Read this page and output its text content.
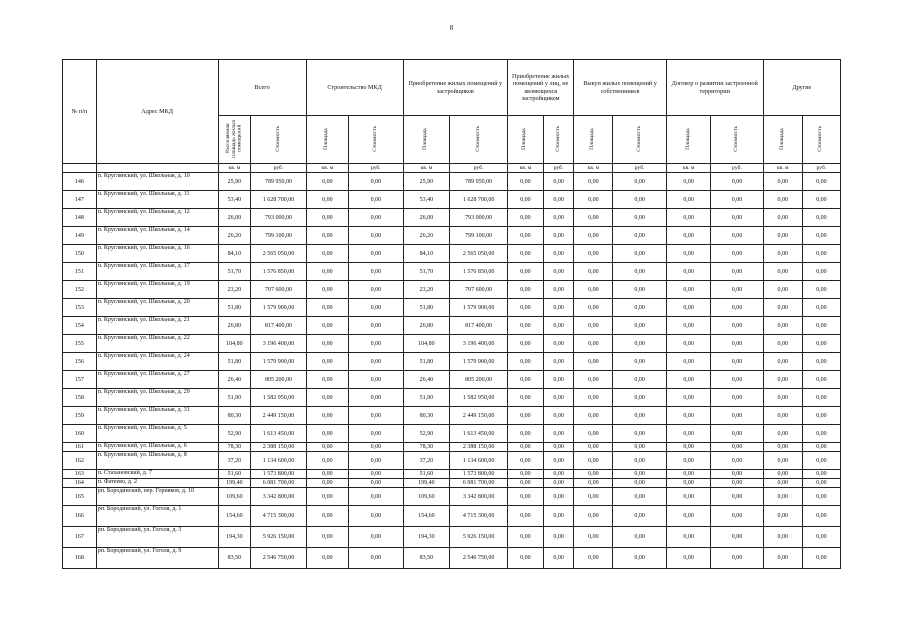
8
№ п/п	Адрес МКД	Всего		Строительство МКД		Приобретение жилых помещений у застройщиков		Приобретение жилых помещений у лиц, не являющихся застройщиком		Выкуп жилых помещений у собственников		Договор о развитии застроенной территории		Другие	
		Расселяемая площадь жилых помещений	Стоимость	Площадь	Стоимость	Площадь	Стоимость	Площадь	Стоимость	Площадь	Стоимость	Площадь	Стоимость	Площадь	Стоимость
		кв. м	руб.	кв. м	руб.	кв. м	руб.	кв. м	руб.	кв. м	руб.	кв. м	руб.	кв. м	руб.
146	п. Круглянский, ул. Школьная, д. 10	25,90	789 950,00	0,00	0,00	25,90	789 950,00	0,00	0,00	0,00	0,00	0,00	0,00	0,00	0,00
147	п. Круглянский, ул. Школьная, д. 11	53,40	1 628 700,00	0,00	0,00	53,40	1 628 700,00	0,00	0,00	0,00	0,00	0,00	0,00	0,00	0,00
148	п. Круглянский, ул. Школьная, д. 12	26,00	793 000,00	0,00	0,00	26,00	793 000,00	0,00	0,00	0,00	0,00	0,00	0,00	0,00	0,00
149	п. Круглянский, ул. Школьная, д. 14	26,20	799 100,00	0,00	0,00	26,20	799 100,00	0,00	0,00	0,00	0,00	0,00	0,00	0,00	0,00
150	п. Круглянский, ул. Школьная, д. 16	84,10	2 565 050,00	0,00	0,00	84,10	2 565 050,00	0,00	0,00	0,00	0,00	0,00	0,00	0,00	0,00
151	п. Круглянский, ул. Школьная, д. 17	51,70	1 576 850,00	0,00	0,00	51,70	1 576 850,00	0,00	0,00	0,00	0,00	0,00	0,00	0,00	0,00
152	п. Круглянский, ул. Школьная, д. 19	23,20	707 600,00	0,00	0,00	23,20	707 600,00	0,00	0,00	0,00	0,00	0,00	0,00	0,00	0,00
153	п. Круглянский, ул. Школьная, д. 20	51,80	1 579 900,00	0,00	0,00	51,80	1 579 900,00	0,00	0,00	0,00	0,00	0,00	0,00	0,00	0,00
154	п. Круглянский, ул. Школьная, д. 21	26,80	817 400,00	0,00	0,00	26,80	817 400,00	0,00	0,00	0,00	0,00	0,00	0,00	0,00	0,00
155	п. Круглянский, ул. Школьная, д. 22	104,80	3 196 400,00	0,00	0,00	104,80	3 196 400,00	0,00	0,00	0,00	0,00	0,00	0,00	0,00	0,00
156	п. Круглянский, ул. Школьная, д. 24	51,80	1 579 900,00	0,00	0,00	51,80	1 579 900,00	0,00	0,00	0,00	0,00	0,00	0,00	0,00	0,00
157	п. Круглянский, ул. Школьная, д. 27	26,40	805 200,00	0,00	0,00	26,40	805 200,00	0,00	0,00	0,00	0,00	0,00	0,00	0,00	0,00
158	п. Круглянский, ул. Школьная, д. 29	51,90	1 582 950,00	0,00	0,00	51,90	1 582 950,00	0,00	0,00	0,00	0,00	0,00	0,00	0,00	0,00
159	п. Круглянский, ул. Школьная, д. 31	80,30	2 449 150,00	0,00	0,00	80,30	2 449 150,00	0,00	0,00	0,00	0,00	0,00	0,00	0,00	0,00
160	п. Круглянский, ул. Школьная, д. 5	52,90	1 613 450,00	0,00	0,00	52,90	1 613 450,00	0,00	0,00	0,00	0,00	0,00	0,00	0,00	0,00
161	п. Круглянский, ул. Школьная, д. 6	78,30	2 388 150,00	0,00	0,00	78,30	2 388 150,00	0,00	0,00	0,00	0,00	0,00	0,00	0,00	0,00
162	п. Круглянский, ул. Школьная, д. 8	37,20	1 134 600,00	0,00	0,00	37,20	1 134 600,00	0,00	0,00	0,00	0,00	0,00	0,00	0,00	0,00
163	п. Стахановский, д. 7	51,60	1 573 800,00	0,00	0,00	51,60	1 573 800,00	0,00	0,00	0,00	0,00	0,00	0,00	0,00	0,00
164	п. Фатеево, д. 2	199,40	6 081 700,00	0,00	0,00	199,40	6 081 700,00	0,00	0,00	0,00	0,00	0,00	0,00	0,00	0,00
165	рп. Бородинский, пер. Горняков, д. 10	109,60	3 342 800,00	0,00	0,00	109,60	3 342 800,00	0,00	0,00	0,00	0,00	0,00	0,00	0,00	0,00
166	рп. Бородинский, ул. Гоголя, д. 1	154,60	4 715 300,00	0,00	0,00	154,60	4 715 300,00	0,00	0,00	0,00	0,00	0,00	0,00	0,00	0,00
167	рп. Бородинский, ул. Гоголя, д. 3	194,30	5 926 150,00	0,00	0,00	194,30	5 926 150,00	0,00	0,00	0,00	0,00	0,00	0,00	0,00	0,00
168	рп. Бородинский, ул. Гоголя, д. 9	83,50	2 546 750,00	0,00	0,00	83,50	2 546 750,00	0,00	0,00	0,00	0,00	0,00	0,00	0,00	0,00
